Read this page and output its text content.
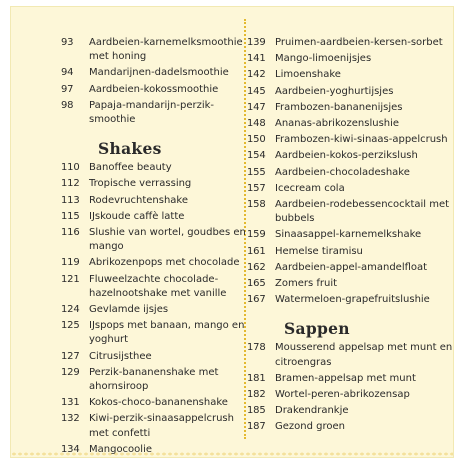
93	Aardbeien-karnemelksmoothie met honing
94	Mandarijnen-dadelsmoothie
97	Aardbeien-kokossmoothie
98	Papaja-mandarijn-perzik-smoothie
Shakes
110 Banoffee beauty
112 Tropische verrassing
113 Rodevruchtenshake
115 IJskoude caffè latte
116 Slushie van wortel, goudbes en mango
119 Abrikozenpops met chocolade
121 Fluweelzachte chocolade-hazelnootshake met vanille
124 Gevlamde ijsjes
125 IJspops met banaan, mango en yoghurt
127 Citrusijsthee
129 Perzik-bananenshake met ahornsiroop
131 Kokos-choco-bananenshake
132 Kiwi-perzik-sinaasappelcrush met confetti
134 Mangocoolie
139 Pruimen-aardbeien-kersen-sorbet
141 Mango-limoenijsjes
142 Limoenshake
145 Aardbeien-yoghurtijsjes
147 Frambozen-bananenijsjes
148 Ananas-abrikozenslushie
150 Frambozen-kiwi-sinaas-appelcrush
154 Aardbeien-kokos-perzikslush
155 Aardbeien-chocoladeshake
157 Icecream cola
158 Aardbeien-rodebessencocktail met bubbels
159 Sinaasappel-karnemelkshake
161 Hemelse tiramisu
162 Aardbeien-appel-amandelfloat
165 Zomers fruit
167 Watermeloen-grapefruitslushie
Sappen
178 Mousserend appelsap met munt en citroengras
181 Bramen-appelsap met munt
182 Wortel-peren-abrikozensap
185 Drakendrankje
187 Gezond groen
